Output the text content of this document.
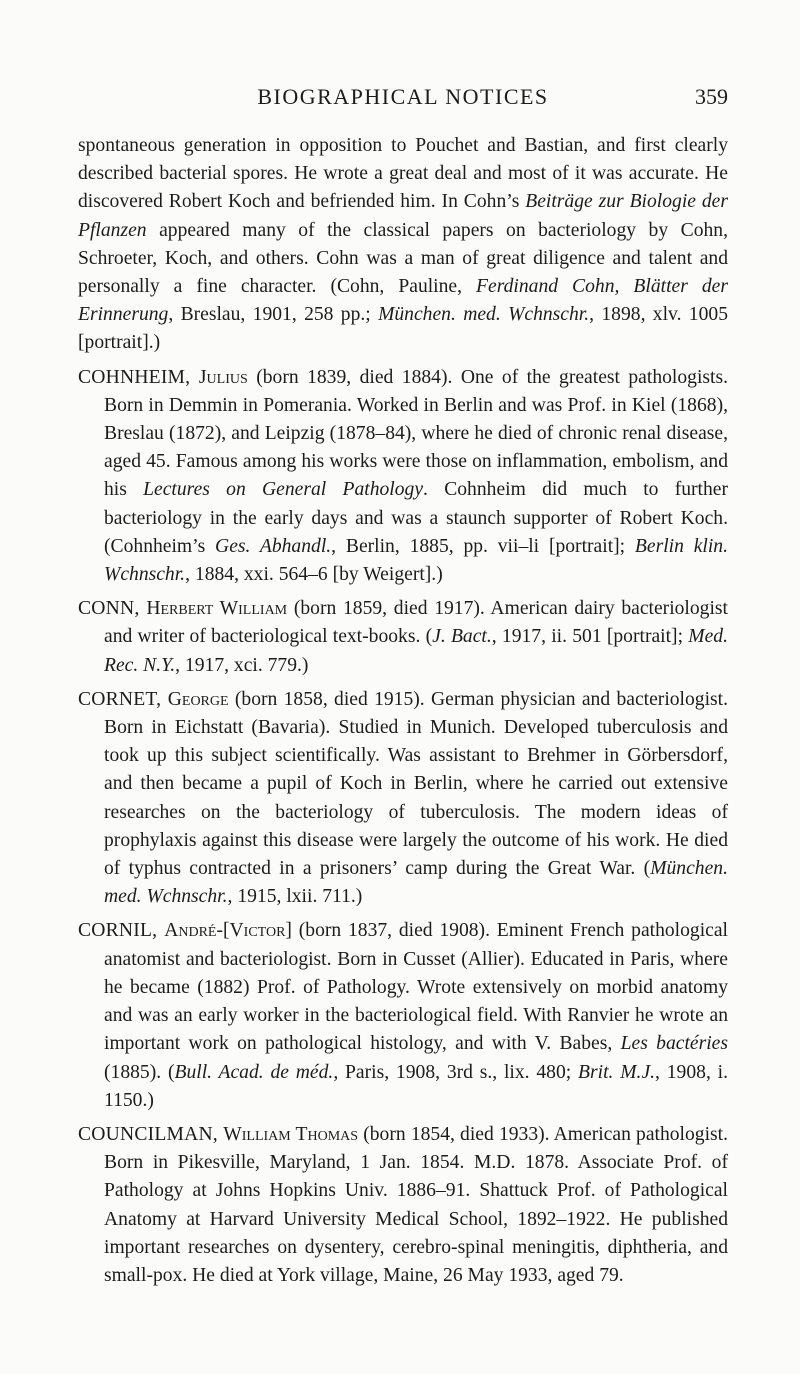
BIOGRAPHICAL NOTICES	359

spontaneous generation in opposition to Pouchet and Bastian, and first clearly described bacterial spores. He wrote a great deal and most of it was accurate. He discovered Robert Koch and befriended him. In Cohn’s Beiträge zur Biologie der Pflanzen appeared many of the classical papers on bacteriology by Cohn, Schroeter, Koch, and others. Cohn was a man of great diligence and talent and personally a fine character. (Cohn, Pauline, Ferdinand Cohn, Blätter der Erinnerung, Breslau, 1901, 258 pp.; München. med. Wchnschr., 1898, xlv. 1005 [portrait].)

COHNHEIM, Julius (born 1839, died 1884). One of the greatest pathologists. Born in Demmin in Pomerania. Worked in Berlin and was Prof. in Kiel (1868), Breslau (1872), and Leipzig (1878–84), where he died of chronic renal disease, aged 45. Famous among his works were those on inflammation, embolism, and his Lectures on General Pathology. Cohnheim did much to further bacteriology in the early days and was a staunch supporter of Robert Koch. (Cohnheim’s Ges. Abhandl., Berlin, 1885, pp. vii–li [portrait]; Berlin klin. Wchnschr., 1884, xxi. 564–6 [by Weigert].)

CONN, Herbert William (born 1859, died 1917). American dairy bacteriologist and writer of bacteriological text-books. (J. Bact., 1917, ii. 501 [portrait]; Med. Rec. N.Y., 1917, xci. 779.)

CORNET, George (born 1858, died 1915). German physician and bacteriologist. Born in Eichstatt (Bavaria). Studied in Munich. Developed tuberculosis and took up this subject scientifically. Was assistant to Brehmer in Görbersdorf, and then became a pupil of Koch in Berlin, where he carried out extensive researches on the bacteriology of tuberculosis. The modern ideas of prophylaxis against this disease were largely the outcome of his work. He died of typhus contracted in a prisoners’ camp during the Great War. (München. med. Wchnschr., 1915, lxii. 711.)

CORNIL, André-[Victor] (born 1837, died 1908). Eminent French pathological anatomist and bacteriologist. Born in Cusset (Allier). Educated in Paris, where he became (1882) Prof. of Pathology. Wrote extensively on morbid anatomy and was an early worker in the bacteriological field. With Ranvier he wrote an important work on pathological histology, and with V. Babes, Les bactéries (1885). (Bull. Acad. de méd., Paris, 1908, 3rd s., lix. 480; Brit. M.J., 1908, i. 1150.)

COUNCILMAN, William Thomas (born 1854, died 1933). American pathologist. Born in Pikesville, Maryland, 1 Jan. 1854. M.D. 1878. Associate Prof. of Pathology at Johns Hopkins Univ. 1886–91. Shattuck Prof. of Pathological Anatomy at Harvard University Medical School, 1892–1922. He published important researches on dysentery, cerebro-spinal meningitis, diphtheria, and small-pox. He died at York village, Maine, 26 May 1933, aged 79.
